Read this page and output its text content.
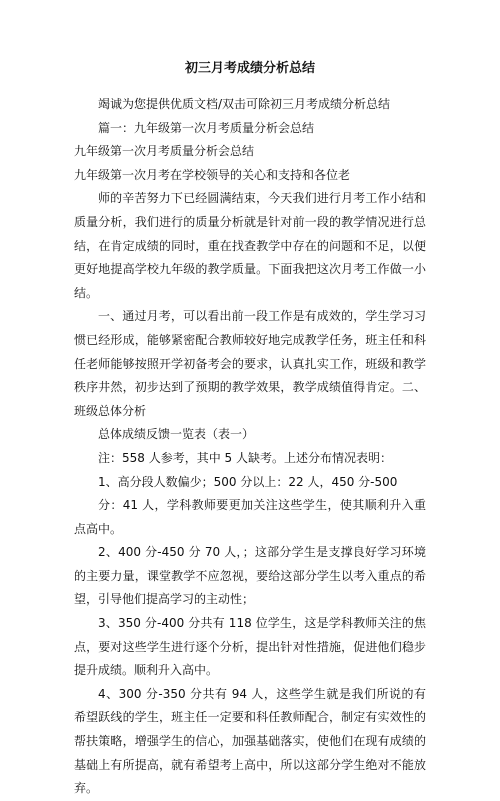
初三月考成绩分析总结

竭诚为您提供优质文档/双击可除初三月考成绩分析总结

篇一：九年级第一次月考质量分析会总结

九年级第一次月考质量分析会总结

九年级第一次月考在学校领导的关心和支持和各位老

师的辛苦努力下已经圆满结束，今天我们进行月考工作小结和质量分析，我们进行的质量分析就是针对前一段的教学情况进行总结，在肯定成绩的同时，重在找查教学中存在的问题和不足，以便更好地提高学校九年级的教学质量。下面我把这次月考工作做一小结。

一、通过月考，可以看出前一段工作是有成效的，学生学习习惯已经形成，能够紧密配合教师较好地完成教学任务，班主任和科任老师能够按照开学初备考会的要求，认真扎实工作，班级和教学秩序井然，初步达到了预期的教学效果，教学成绩值得肯定。二、班级总体分析

总体成绩反馈一览表（表一）

注：558 人参考，其中 5 人缺考。上述分布情况表明：

1、高分段人数偏少；500 分以上：22 人，450 分-500

分：41 人，学科教师要更加关注这些学生，使其顺利升入重点高中。

2、400 分-450 分 70 人，；这部分学生是支撑良好学习环境的主要力量，课堂教学不应忽视，要给这部分学生以考入重点的希望，引导他们提高学习的主动性；

3、350 分-400 分共有 118 位学生，这是学科教师关注的焦点，要对这些学生进行逐个分析，提出针对性措施，促进他们稳步提升成绩。顺利升入高中。

4、300 分-350 分共有 94 人，这些学生就是我们所说的有希望跃线的学生，班主任一定要和科任教师配合，制定有实效性的帮扶策略，增强学生的信心，加强基础落实，使他们在现有成绩的基础上有所提高，就有希望考上高中，所以这部分学生绝对不能放弃。
